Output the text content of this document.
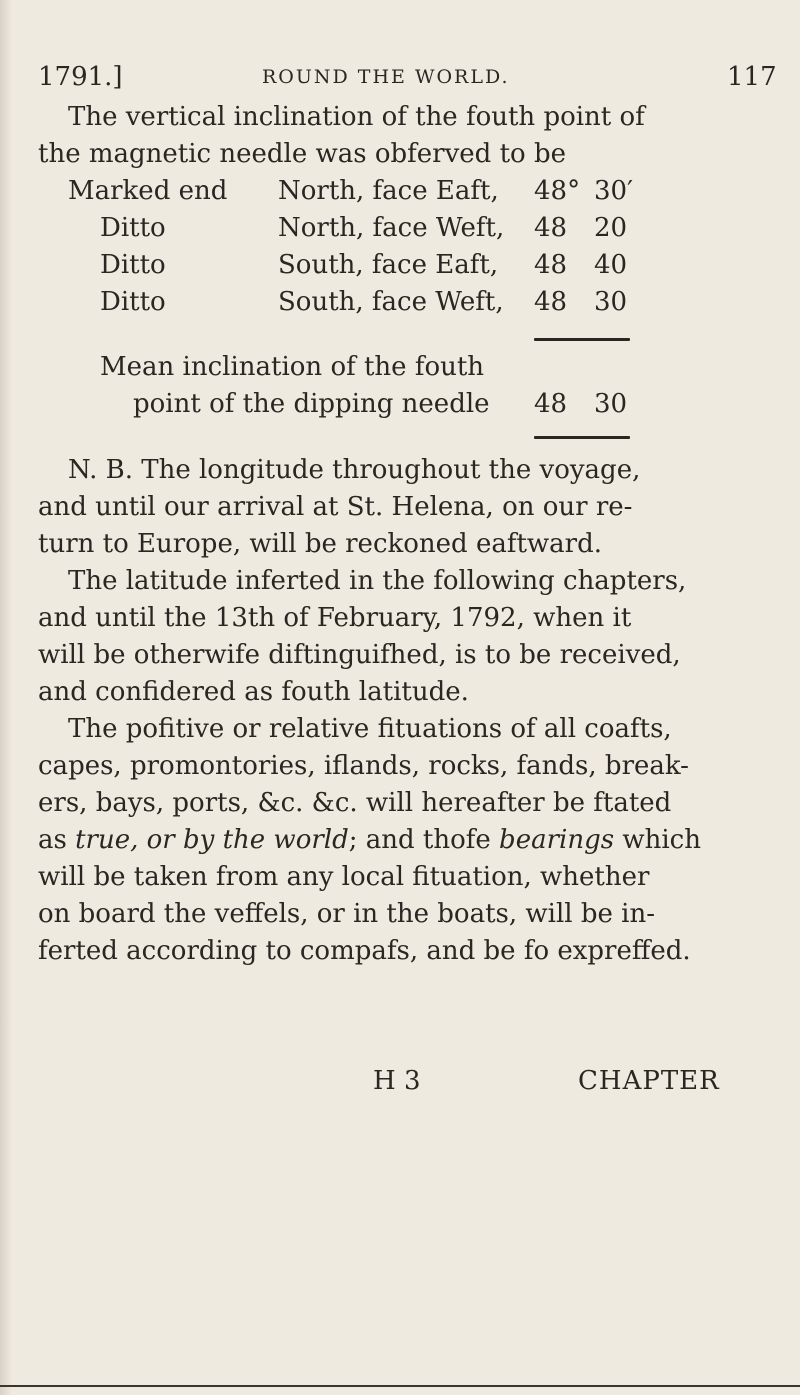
1791.]	ROUND THE WORLD.	117
The vertical inclination of the fouth point of
the magnetic needle was obferved to be
Marked end North, face Eaft, 48° 30′
Ditto	North, face Weft, 48 20
Ditto	South, face Eaft, 48 40
Ditto	South, face Weft, 48 30
Mean inclination of the fouth
point of the dipping needle 48 30
N. B. The longitude throughout the voyage,
and until our arrival at St. Helena, on our re-
turn to Europe, will be reckoned eaftward.
The latitude inferted in the following chapters,
and until the 13th of February, 1792, when it
will be otherwife diftinguifhed, is to be received,
and confidered as fouth latitude.
The pofitive or relative fituations of all coafts,
capes, promontories, iflands, rocks, fands, break-
ers, bays, ports, &c. &c. will hereafter be ftated
as true, or by the world; and thofe bearings which
will be taken from any local fituation, whether
on board the veffels, or in the boats, will be in-
ferted according to compafs, and be fo expreffed.
H 3	CHAPTER
